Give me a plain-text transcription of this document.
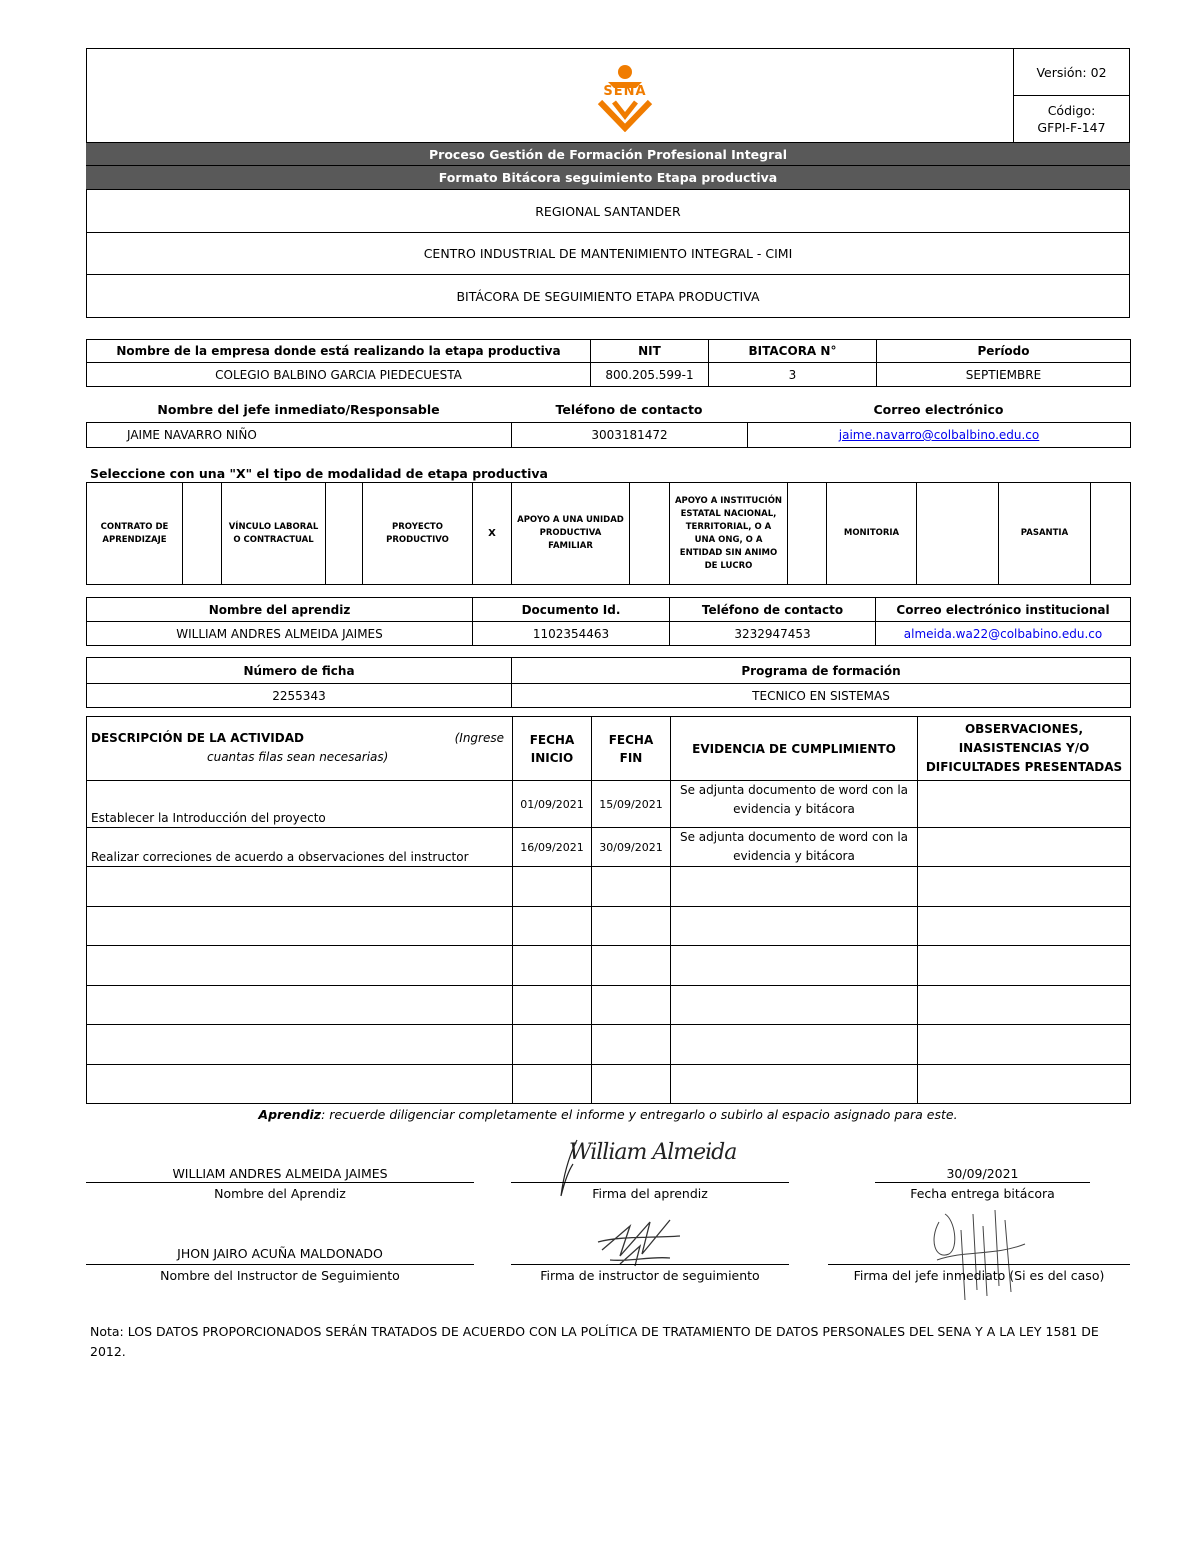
SENA
Versión: 02
Código:
GFPI-F-147
Proceso Gestión de Formación Profesional Integral
Formato Bitácora seguimiento Etapa productiva
REGIONAL SANTANDER
CENTRO INDUSTRIAL DE MANTENIMIENTO INTEGRAL - CIMI
BITÁCORA DE SEGUIMIENTO ETAPA PRODUCTIVA
Nombre de la empresa donde está realizando la etapa productiva	NIT	BITACORA N°	Período
COLEGIO BALBINO GARCIA PIEDECUESTA	800.205.599-1	3	SEPTIEMBRE
Nombre del jefe inmediato/Responsable	Teléfono de contacto	Correo electrónico
JAIME NAVARRO NIÑO	3003181472	jaime.navarro@colbalbino.edu.co
Seleccione con una "X" el tipo de modalidad de etapa productiva
CONTRATO DE APRENDIZAJE		VÍNCULO LABORAL O CONTRACTUAL		PROYECTO PRODUCTIVO	X	APOYO A UNA UNIDAD PRODUCTIVA FAMILIAR		APOYO A INSTITUCIÓN ESTATAL NACIONAL, TERRITORIAL, O A UNA ONG, O A ENTIDAD SIN ANIMO DE LUCRO		MONITORIA		PASANTIA	
Nombre del aprendiz	Documento Id.	Teléfono de contacto	Correo electrónico institucional
WILLIAM ANDRES ALMEIDA JAIMES	1102354463	3232947453	almeida.wa22@colbabino.edu.co
Número de ficha	Programa de formación
2255343	TECNICO EN SISTEMAS
DESCRIPCIÓN DE LA ACTIVIDAD (Ingrese
cuantas filas sean necesarias)	FECHA INICIO	FECHA FIN	EVIDENCIA DE CUMPLIMIENTO	OBSERVACIONES, INASISTENCIAS Y/O DIFICULTADES PRESENTADAS
Establecer la Introducción del proyecto	01/09/2021	15/09/2021	Se adjunta documento de word con la evidencia y bitácora	
Realizar correciones de acuerdo a observaciones del instructor	16/09/2021	30/09/2021	Se adjunta documento de word con la evidencia y bitácora	

Aprendiz: recuerde diligenciar completamente el informe y entregarlo o subirlo al espacio asignado para este.
WILLIAM ANDRES ALMEIDA JAIMES
Nombre del Aprendiz
William Almeida
Firma del aprendiz
30/09/2021
Fecha entrega bitácora
JHON JAIRO ACUÑA MALDONADO
Nombre del Instructor de Seguimiento	Firma de instructor de seguimiento	Firma del jefe inmediato (Si es del caso)
Nota: LOS DATOS PROPORCIONADOS SERÁN TRATADOS DE ACUERDO CON LA POLÍTICA DE TRATAMIENTO DE DATOS PERSONALES DEL SENA Y A LA LEY 1581 DE 2012.
